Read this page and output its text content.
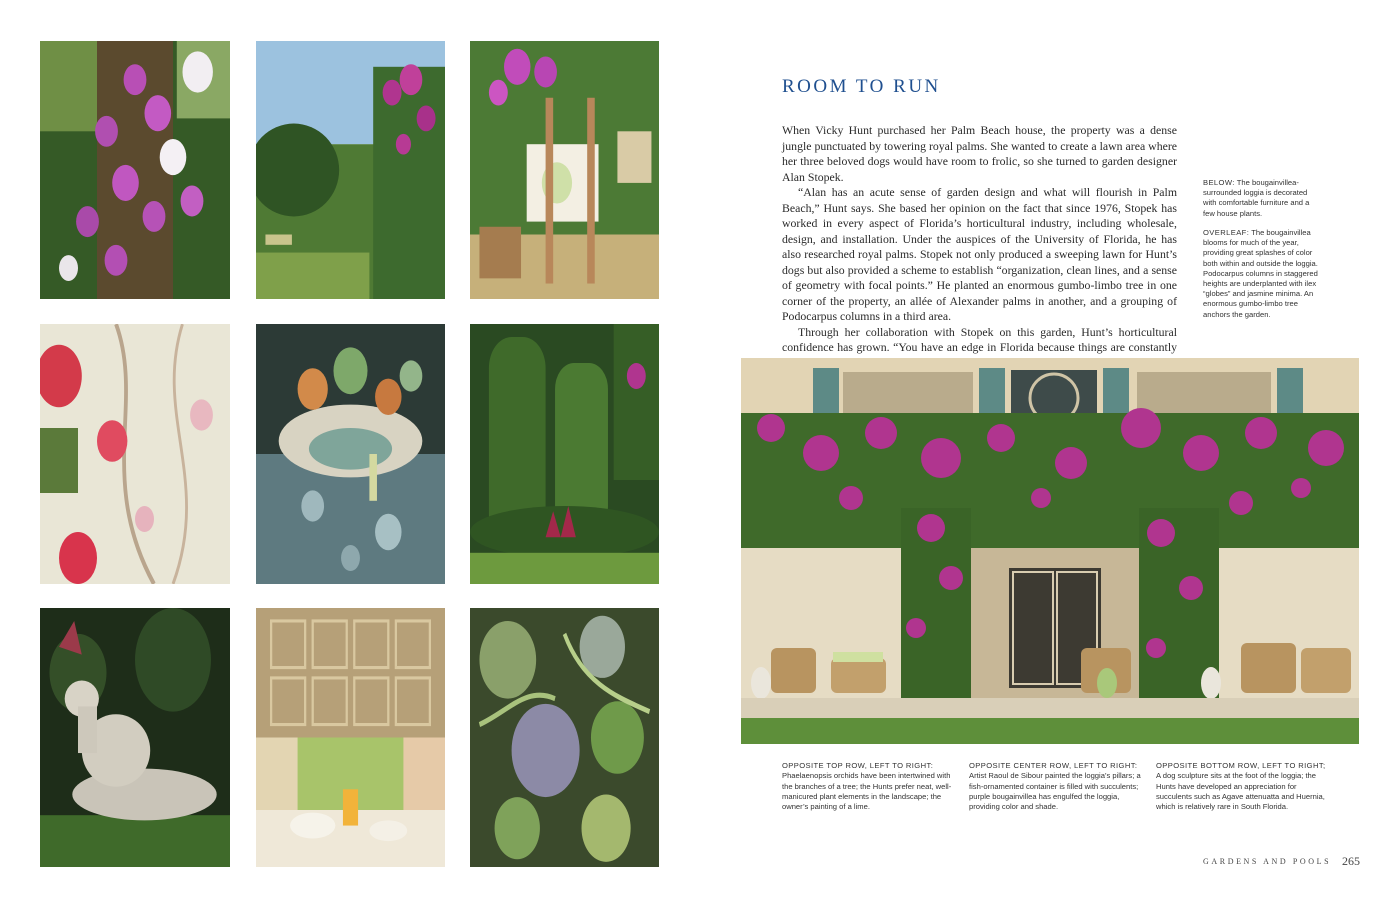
ROOM TO RUN

When Vicky Hunt purchased her Palm Beach house, the property was a dense jungle punctuated by towering royal palms. She wanted to create a lawn area where her three beloved dogs would have room to frolic, so she turned to garden designer Alan Stopek.

“Alan has an acute sense of garden design and what will flourish in Palm Beach,” Hunt says. She based her opinion on the fact that since 1976, Stopek has worked in every aspect of Florida’s horticultural industry, including wholesale, design, and installation. Under the auspices of the University of Florida, he has also researched royal palms. Stopek not only produced a sweeping lawn for Hunt’s dogs but also provided a scheme to establish “organization, clean lines, and a sense of geometry with focal points.” He planted an enormous gumbo-limbo tree in one corner of the property, an allée of Alexander palms in another, and a grouping of Podocarpus columns in a third area.

Through her collaboration with Stopek on this garden, Hunt’s horticultural confidence has grown. “You have an edge in Florida because things are constantly

BELOW: The bougainvillea-surrounded loggia is decorated with comfortable furniture and a few house plants.
OVERLEAF: The bougainvillea blooms for much of the year, providing great splashes of color both within and outside the loggia. Podocarpus columns in staggered heights are underplanted with ilex “globes” and jasmine minima. An enormous gumbo-limbo tree anchors the garden.
OPPOSITE TOP ROW, LEFT TO RIGHT:
Phaelaenopsis orchids have been intertwined with the branches of a tree; the Hunts prefer neat, well-manicured plant elements in the landscape; the owner’s painting of a lime.
OPPOSITE CENTER ROW, LEFT TO RIGHT:
Artist Raoul de Sibour painted the loggia’s pillars; a fish-ornamented container is filled with succulents; purple bougainvillea has engulfed the loggia, providing color and shade.
OPPOSITE BOTTOM ROW, LEFT TO RIGHT; A dog sculpture sits at the foot of the loggia; the Hunts have developed an appreciation for succulents such as Agave attenuatta and Huernia, which is relatively rare in South Florida.
GARDENS AND POOLS 265
